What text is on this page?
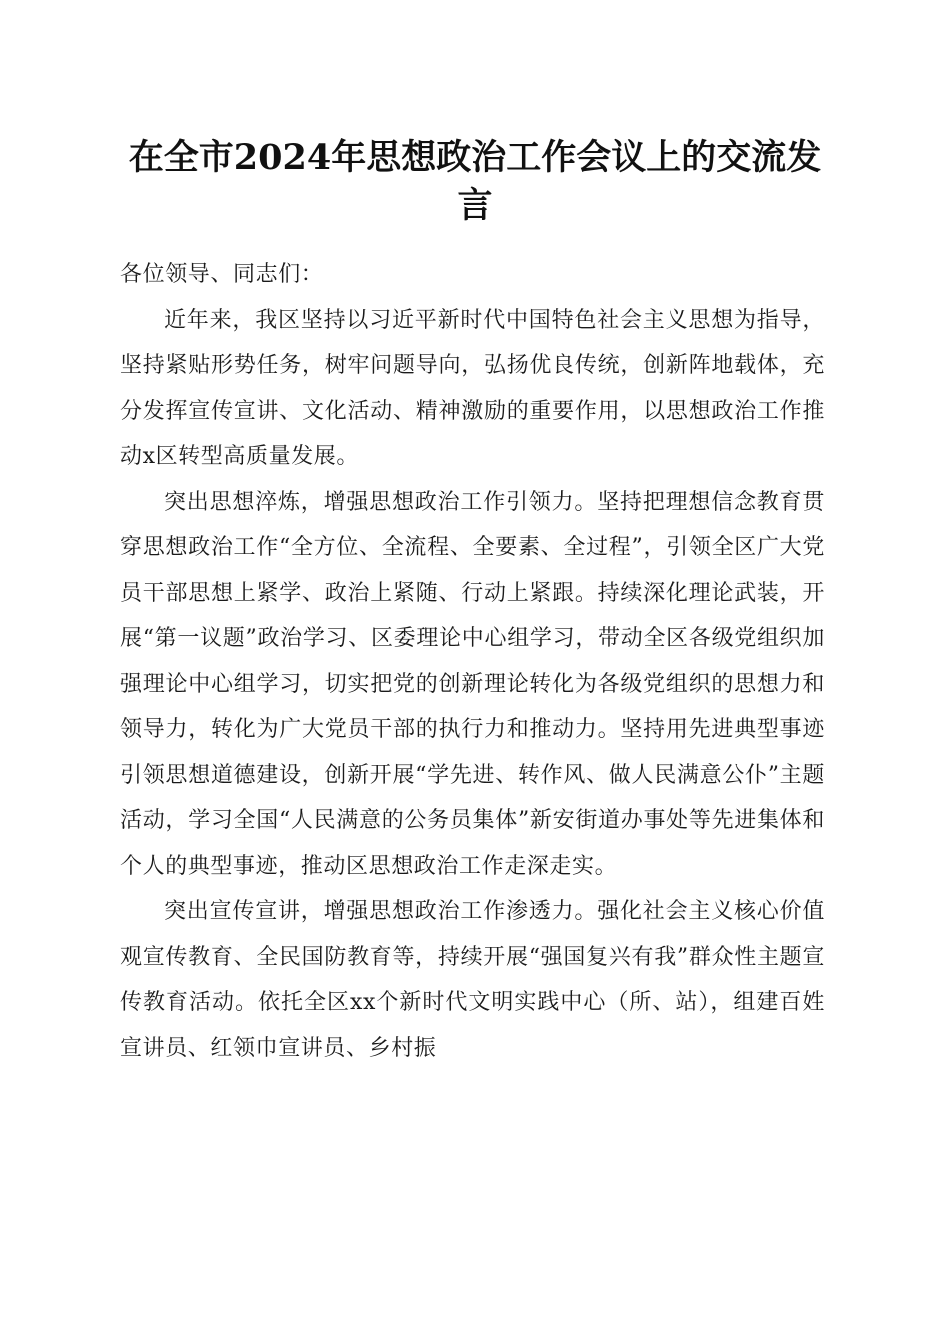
在全市2024年思想政治工作会议上的交流发言

各位领导、同志们：

近年来，我区坚持以习近平新时代中国特色社会主义思想为指导，坚持紧贴形势任务，树牢问题导向，弘扬优良传统，创新阵地载体，充分发挥宣传宣讲、文化活动、精神激励的重要作用，以思想政治工作推动x区转型高质量发展。

突出思想淬炼，增强思想政治工作引领力。坚持把理想信念教育贯穿思想政治工作“全方位、全流程、全要素、全过程”，引领全区广大党员干部思想上紧学、政治上紧随、行动上紧跟。持续深化理论武装，开展“第一议题”政治学习、区委理论中心组学习，带动全区各级党组织加强理论中心组学习，切实把党的创新理论转化为各级党组织的思想力和领导力，转化为广大党员干部的执行力和推动力。坚持用先进典型事迹引领思想道德建设，创新开展“学先进、转作风、做人民满意公仆”主题活动，学习全国“人民满意的公务员集体”新安街道办事处等先进集体和个人的典型事迹，推动区思想政治工作走深走实。

突出宣传宣讲，增强思想政治工作渗透力。强化社会主义核心价值观宣传教育、全民国防教育等，持续开展“强国复兴有我”群众性主题宣传教育活动。依托全区xx个新时代文明实践中心（所、站），组建百姓宣讲员、红领巾宣讲员、乡村振
